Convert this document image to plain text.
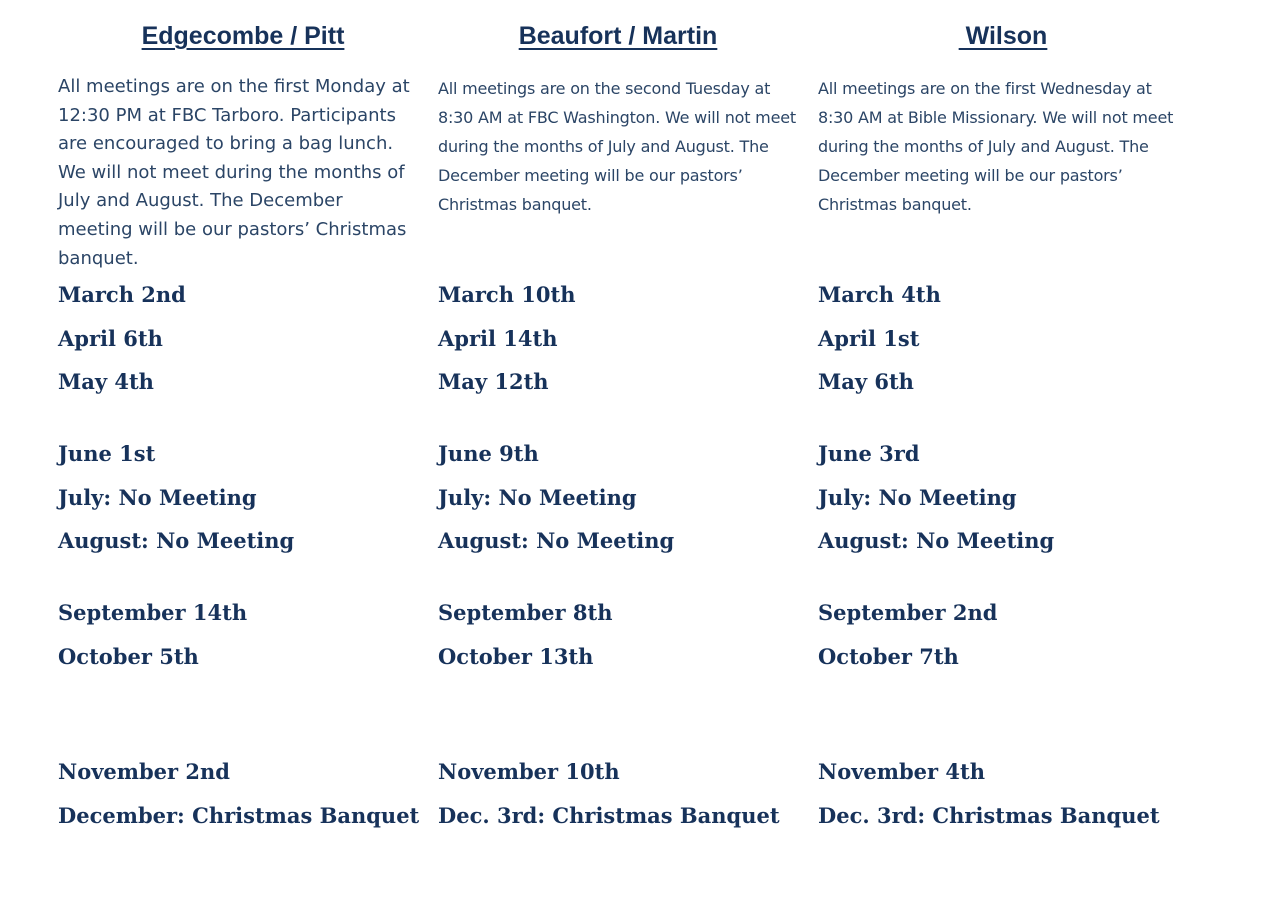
Edgecombe / Pitt
All meetings are on the first Monday at 12:30 PM at FBC Tarboro. Participants are encouraged to bring a bag lunch. We will not meet during the months of July and August. The December meeting will be our pastors’ Christmas banquet.
March 2nd
April 6th
May 4th
June 1st
July: No Meeting
August: No Meeting
September 14th
October 5th
November 2nd
December: Christmas Banquet
Beaufort / Martin
All meetings are on the second Tuesday at 8:30 AM at FBC Washington. We will not meet during the months of July and August. The December meeting will be our pastors’ Christmas banquet.
March 10th
April 14th
May 12th
June 9th
July: No Meeting
August: No Meeting
September 8th
October 13th
November 10th
Dec. 3rd: Christmas Banquet
Wilson
All meetings are on the first Wednesday at 8:30 AM at Bible Missionary. We will not meet during the months of July and August. The December meeting will be our pastors’ Christmas banquet.
March 4th
April 1st
May 6th
June 3rd
July: No Meeting
August: No Meeting
September 2nd
October 7th
November 4th
Dec. 3rd: Christmas Banquet
